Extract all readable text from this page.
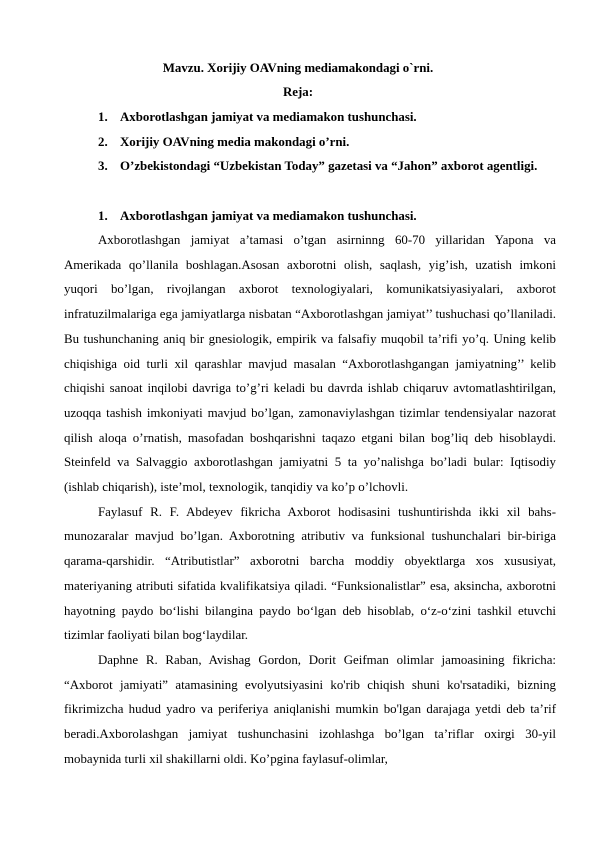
Mavzu. Xorijiy OAVning mediamakondagi o`rni.
Reja:
1. Axborotlashgan jamiyat va mediamakon tushunchasi.
2. Xorijiy OAVning media makondagi o’rni.
3. O’zbekistondagi “Uzbekistan Today” gazetasi va “Jahon” axborot agentligi.
1. Axborotlashgan jamiyat va mediamakon tushunchasi.

Axborotlashgan jamiyat a’tamasi o’tgan asirninng 60-70 yillaridan Yapona va Amerikada qo’llanila boshlagan.Asosan axborotni olish, saqlash, yig’ish, uzatish imkoni yuqori bo’lgan, rivojlangan axborot texnologiyalari, komunikatsiyasiyalari, axborot infratuzilmalariga ega jamiyatlarga nisbatan “Axborotlashgan jamiyat’’ tushuchasi qo’llaniladi. Bu tushunchaning aniq bir gnesiologik, empirik va falsafiy muqobil ta’rifi yo’q. Uning kelib chiqishiga oid turli xil qarashlar mavjud masalan “Axborotlashgangan jamiyatning’’ kelib chiqishi sanoat inqilobi davriga to’g’ri keladi bu davrda ishlab chiqaruv avtomatlashtirilgan, uzoqqa tashish imkoniyati mavjud bo’lgan, zamonaviylashgan tizimlar tendensiyalar nazorat qilish aloqa o’rnatish, masofadan boshqarishni taqazo etgani bilan bog’liq deb hisoblaydi. Steinfeld va Salvaggio axborotlashgan jamiyatni 5 ta yo’nalishga bo’ladi bular: Iqtisodiy (ishlab chiqarish), iste’mol, texnologik, tanqidiy va ko’p o’lchovli.

Faylasuf R. F. Abdeyev fikricha Axborot hodisasini tushuntirishda ikki xil bahs-munozaralar mavjud bo’lgan. Axborotning atributiv va funksional tushunchalari bir-biriga qarama-qarshidir. “Atributistlar” axborotni barcha moddiy obyektlarga xos xususiyat, materiyaning atributi sifatida kvalifikatsiya qiladi. “Funksionalistlar” esa, aksincha, axborotni hayotning paydo bo‘lishi bilangina paydo bo‘lgan deb hisoblab, o‘z-o‘zini tashkil etuvchi tizimlar faoliyati bilan bog‘laydilar.

Daphne R. Raban, Avishag Gordon, Dorit Geifman olimlar jamoasining fikricha: “Axborot jamiyati” atamasining evolyutsiyasini ko'rib chiqish shuni ko'rsatadiki, bizning fikrimizcha hudud yadro va periferiya aniqlanishi mumkin bo'lgan darajaga yetdi deb ta’rif beradi.Axborolashgan jamiyat tushunchasini izohlashga bo’lgan ta’riflar oxirgi 30-yil mobaynida turli xil shakillarni oldi. Ko’pgina faylasuf-olimlar,
